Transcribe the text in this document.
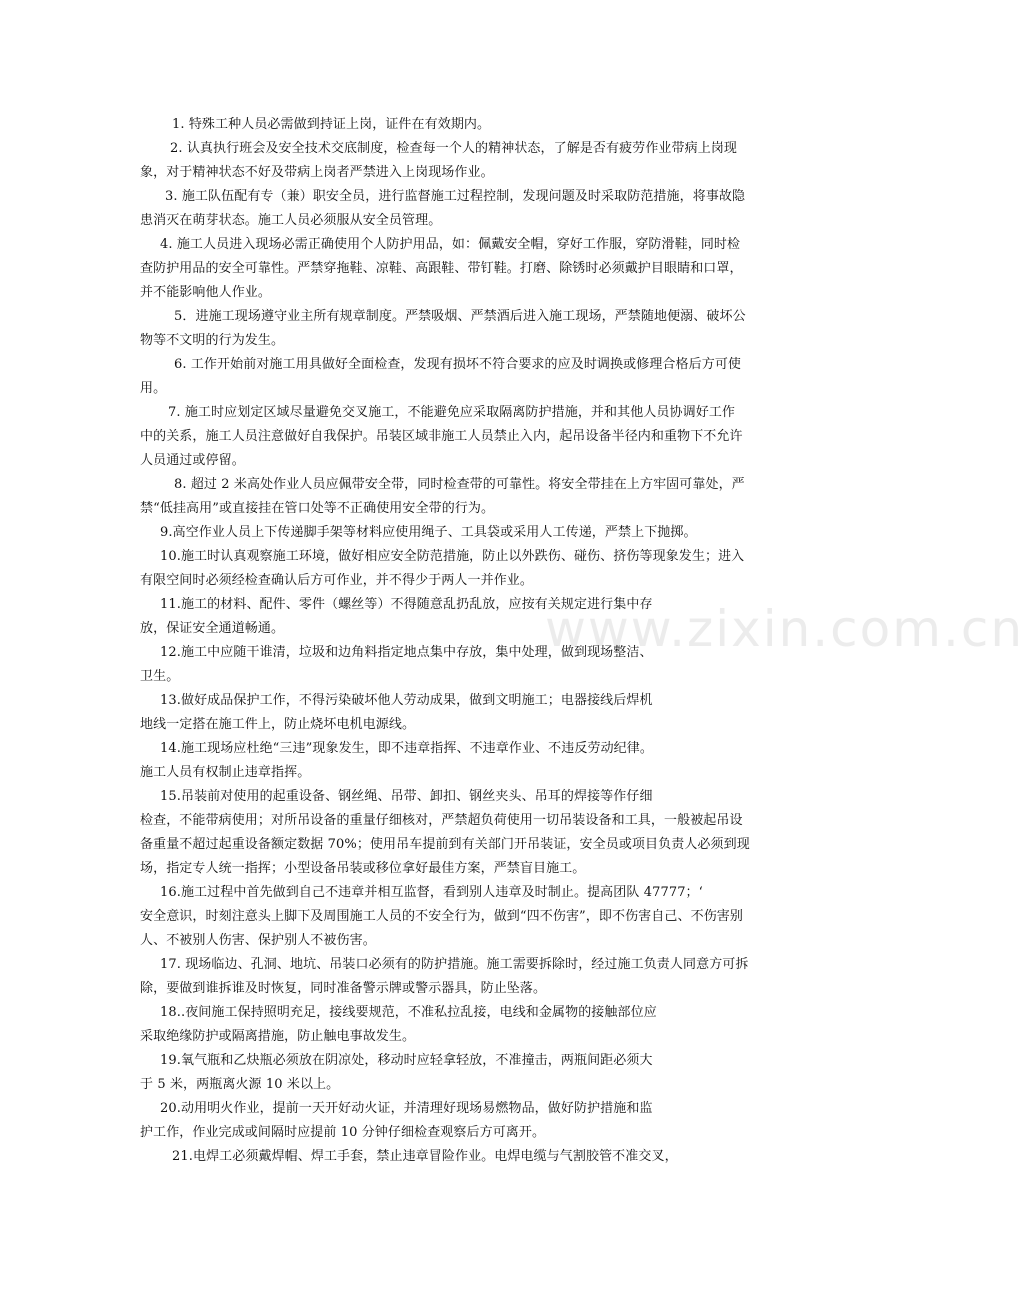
www.zixin.com.cn
1. 特殊工种人员必需做到持证上岗，证件在有效期内。
2. 认真执行班会及安全技术交底制度，检查每一个人的精神状态，了解是否有疲劳作业带病上岗现
象，对于精神状态不好及带病上岗者严禁进入上岗现场作业。
3. 施工队伍配有专（兼）职安全员，进行监督施工过程控制，发现问题及时采取防范措施，将事故隐
患消灭在萌芽状态。施工人员必须服从安全员管理。
4. 施工人员进入现场必需正确使用个人防护用品，如：佩戴安全帽，穿好工作服，穿防滑鞋，同时检
查防护用品的安全可靠性。严禁穿拖鞋、凉鞋、高跟鞋、带钉鞋。打磨、除锈时必须戴护目眼睛和口罩，
并不能影响他人作业。
5．进施工现场遵守业主所有规章制度。严禁吸烟、严禁酒后进入施工现场，严禁随地便溺、破坏公
物等不文明的行为发生。
6. 工作开始前对施工用具做好全面检查，发现有损坏不符合要求的应及时调换或修理合格后方可使
用。
7. 施工时应划定区域尽量避免交叉施工，不能避免应采取隔离防护措施，并和其他人员协调好工作
中的关系，施工人员注意做好自我保护。吊装区域非施工人员禁止入内，起吊设备半径内和重物下不允许
人员通过或停留。
8. 超过 2 米高处作业人员应佩带安全带，同时检查带的可靠性。将安全带挂在上方牢固可靠处，严
禁“低挂高用”或直接挂在管口处等不正确使用安全带的行为。
9.高空作业人员上下传递脚手架等材料应使用绳子、工具袋或采用人工传递，严禁上下抛掷。
10.施工时认真观察施工环境，做好相应安全防范措施，防止以外跌伤、碰伤、挤伤等现象发生；进入
有限空间时必须经检查确认后方可作业，并不得少于两人一并作业。
11.施工的材料、配件、零件（螺丝等）不得随意乱扔乱放，应按有关规定进行集中存
放，保证安全通道畅通。
12.施工中应随干谁清，垃圾和边角料指定地点集中存放，集中处理，做到现场整洁、
卫生。
13.做好成品保护工作，不得污染破坏他人劳动成果，做到文明施工；电器接线后焊机
地线一定搭在施工件上，防止烧坏电机电源线。
14.施工现场应杜绝“三违”现象发生，即不违章指挥、不违章作业、不违反劳动纪律。
施工人员有权制止违章指挥。
15.吊装前对使用的起重设备、钢丝绳、吊带、卸扣、钢丝夹头、吊耳的焊接等作仔细
检查，不能带病使用；对所吊设备的重量仔细核对，严禁超负荷使用一切吊装设备和工具，一般被起吊设
备重量不超过起重设备额定数据 70%；使用吊车提前到有关部门开吊装证，安全员或项目负责人必须到现
场，指定专人统一指挥；小型设备吊装或移位拿好最佳方案，严禁盲目施工。
16.施工过程中首先做到自己不违章并相互监督，看到别人违章及时制止。提高团队 47777；‘
安全意识，时刻注意头上脚下及周围施工人员的不安全行为，做到“四不伤害”，即不伤害自己、不伤害别
人、不被别人伤害、保护别人不被伤害。
17. 现场临边、孔洞、地坑、吊装口必须有的防护措施。施工需要拆除时，经过施工负责人同意方可拆
除，要做到谁拆谁及时恢复，同时准备警示牌或警示器具，防止坠落。
18..夜间施工保持照明充足，接线要规范，不准私拉乱接，电线和金属物的接触部位应
采取绝缘防护或隔离措施，防止触电事故发生。
19.氧气瓶和乙炔瓶必须放在阴凉处，移动时应轻拿轻放，不准撞击，两瓶间距必须大
于 5 米，两瓶离火源 10 米以上。
20.动用明火作业，提前一天开好动火证，并清理好现场易燃物品，做好防护措施和监
护工作，作业完成或间隔时应提前 10 分钟仔细检查观察后方可离开。
21.电焊工必须戴焊帽、焊工手套，禁止违章冒险作业。电焊电缆与气割胶管不准交叉，
